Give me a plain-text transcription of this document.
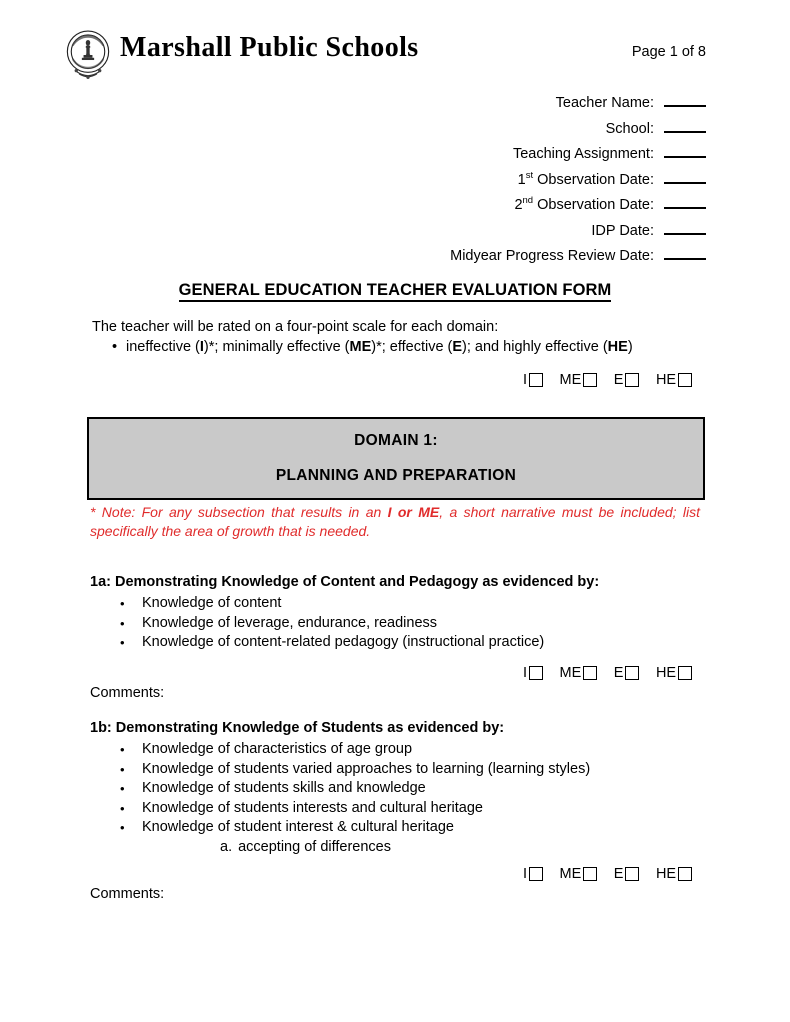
Marshall Public Schools	Page 1 of 8
Teacher Name:
School:
Teaching Assignment:
1st Observation Date:
2nd Observation Date:
IDP Date:
Midyear Progress Review Date:
GENERAL EDUCATION TEACHER EVALUATION FORM
The teacher will be rated on a four-point scale for each domain:
• ineffective (I)*; minimally effective (ME)*; effective (E); and highly effective (HE)
I ME E HE
DOMAIN 1:
PLANNING AND PREPARATION
* Note: For any subsection that results in an I or ME, a short narrative must be included; list specifically the area of growth that is needed.
1a: Demonstrating Knowledge of Content and Pedagogy as evidenced by:
•	Knowledge of content
•	Knowledge of leverage, endurance, readiness
•	Knowledge of content-related pedagogy (instructional practice)
I ME E HE
Comments:
1b: Demonstrating Knowledge of Students as evidenced by:
•	Knowledge of characteristics of age group
•	Knowledge of students varied approaches to learning (learning styles)
•	Knowledge of students skills and knowledge
•	Knowledge of students interests and cultural heritage
•	Knowledge of student interest & cultural heritage
a. accepting of differences
I ME E HE
Comments:
